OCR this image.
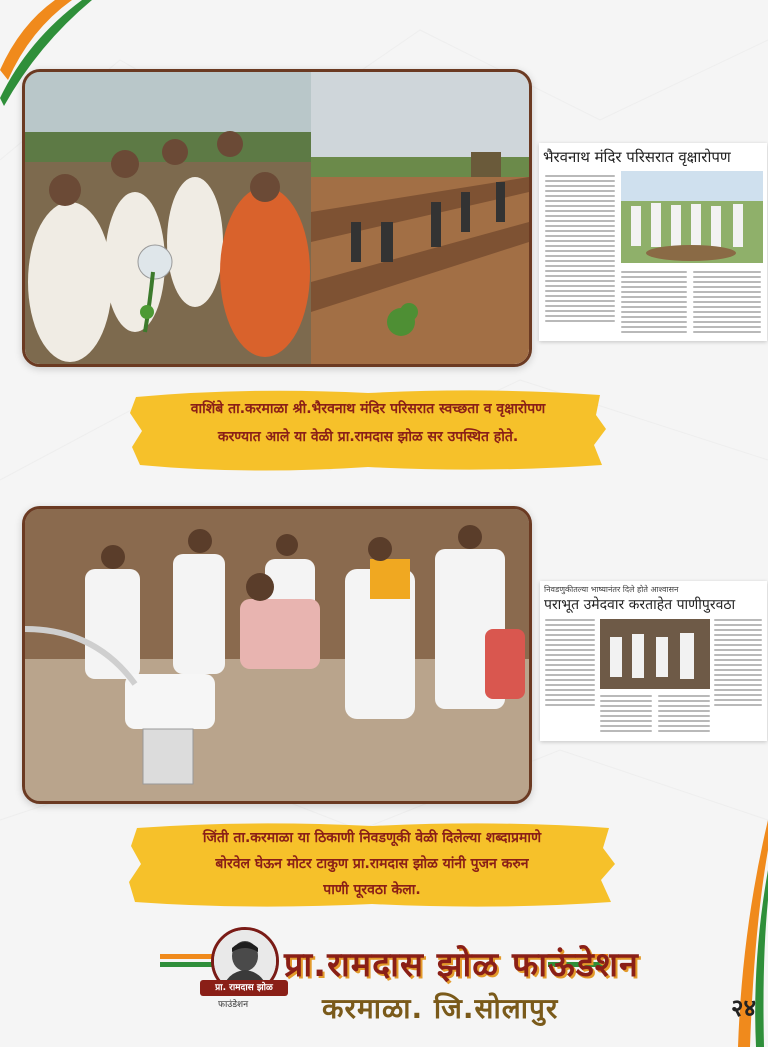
भैरवनाथ मंदिर परिसरात वृक्षारोपण
वाशिंबे ता.करमाळा श्री.भैरवनाथ मंदिर परिसरात स्वच्छता व वृक्षारोपण
करण्यात आले या वेळी प्रा.रामदास झोळ सर उपस्थित होते.
निवडणुकीतल्या भाष्यानंतर दिले होते आश्वासन
पराभूत उमेदवार करताहेत पाणीपुरवठा
जिंती ता.करमाळा या ठिकाणी निवडणूकी वेळी दिलेल्या शब्दाप्रमाणे
बोरवेल घेऊन मोटर टाकुण प्रा.रामदास झोळ यांनी पुजन करुन
पाणी पूरवठा केला.
प्रा. रामदास झोळ
फाउंडेशन
प्रा.रामदास झोळ फाऊंडेशन
करमाळा. जि.सोलापुर	२४
